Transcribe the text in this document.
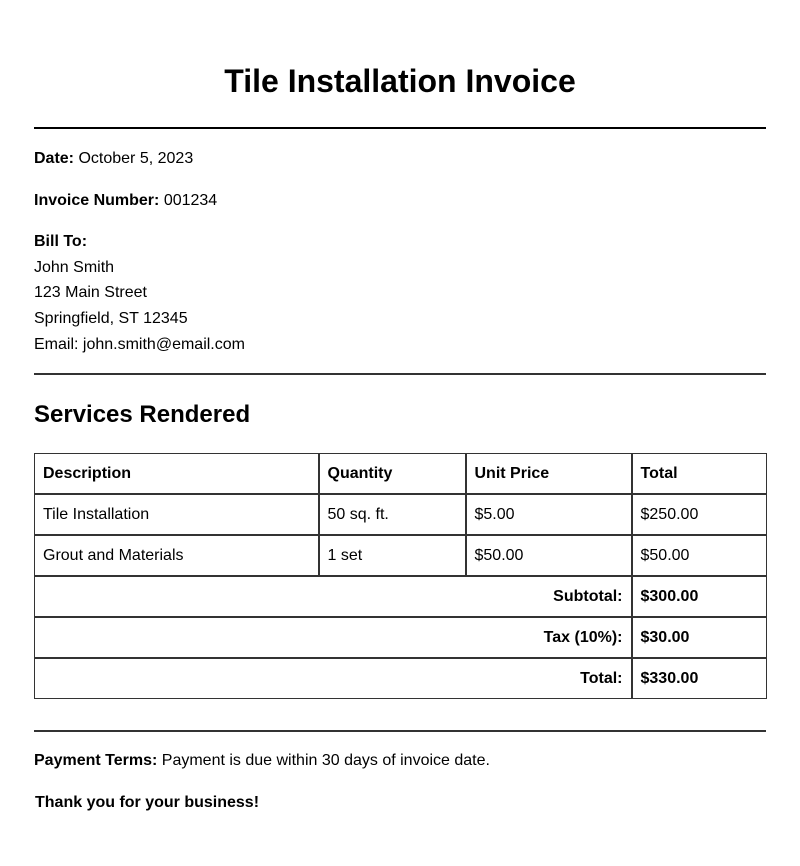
Tile Installation Invoice
Date: October 5, 2023
Invoice Number: 001234
Bill To:
John Smith
123 Main Street
Springfield, ST 12345
Email: john.smith@email.com
Services Rendered
Description	Quantity	Unit Price	Total
Tile Installation	50 sq. ft.	$5.00	$250.00
Grout and Materials	1 set	$50.00	$50.00
Subtotal:			$300.00
Tax (10%):			$30.00
Total:			$330.00
Payment Terms: Payment is due within 30 days of invoice date.
Thank you for your business!
